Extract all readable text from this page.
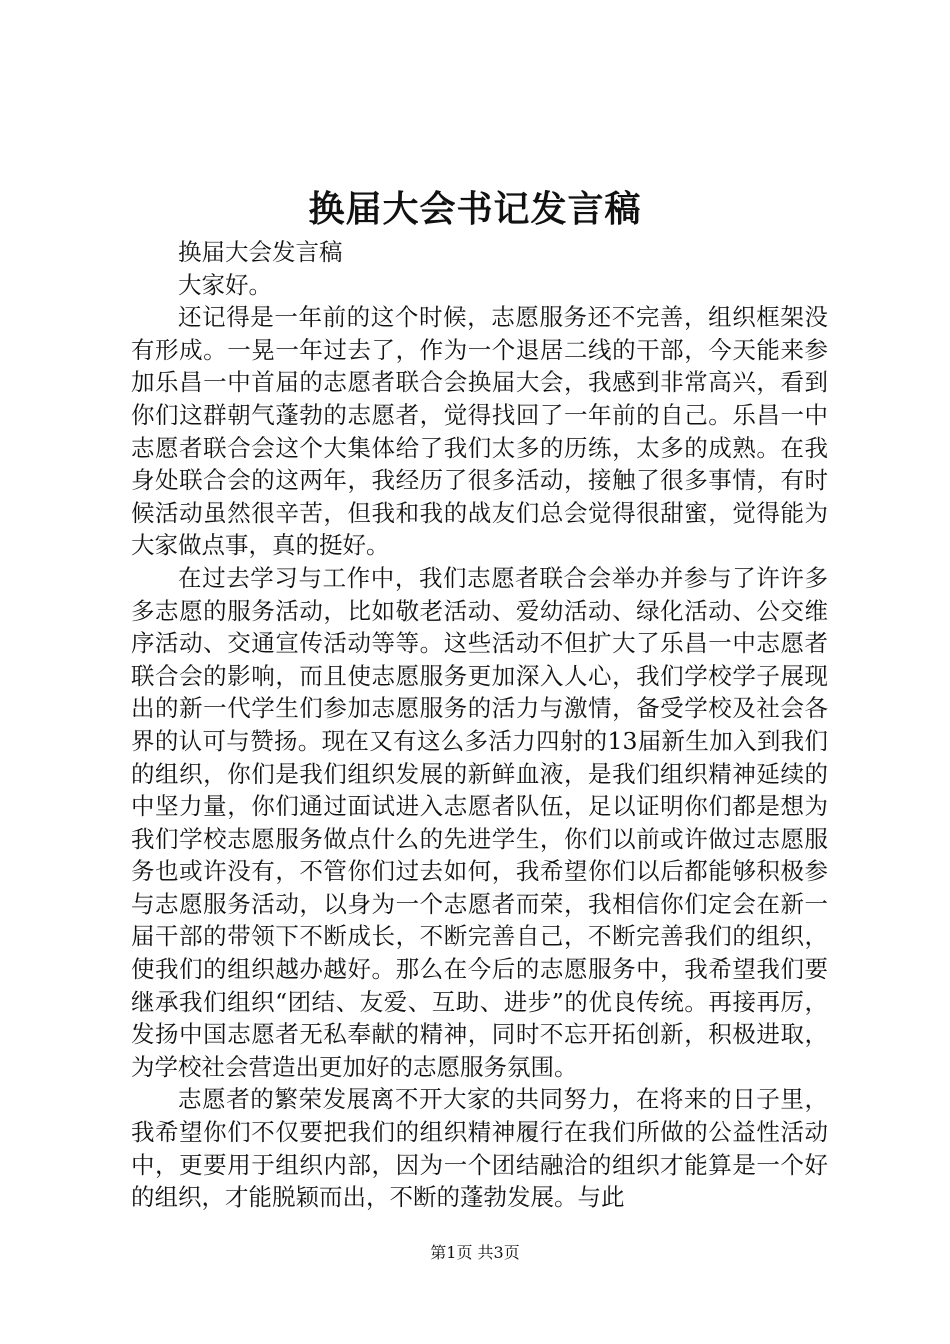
换届大会书记发言稿

换届大会发言稿

大家好。

还记得是一年前的这个时候，志愿服务还不完善，组织框架没有形成。一晃一年过去了，作为一个退居二线的干部，今天能来参加乐昌一中首届的志愿者联合会换届大会，我感到非常高兴，看到你们这群朝气蓬勃的志愿者，觉得找回了一年前的自己。乐昌一中志愿者联合会这个大集体给了我们太多的历练，太多的成熟。在我身处联合会的这两年，我经历了很多活动，接触了很多事情，有时候活动虽然很辛苦，但我和我的战友们总会觉得很甜蜜，觉得能为大家做点事，真的挺好。

在过去学习与工作中，我们志愿者联合会举办并参与了许许多多志愿的服务活动，比如敬老活动、爱幼活动、绿化活动、公交维序活动、交通宣传活动等等。这些活动不但扩大了乐昌一中志愿者联合会的影响，而且使志愿服务更加深入人心，我们学校学子展现出的新一代学生们参加志愿服务的活力与激情，备受学校及社会各界的认可与赞扬。现在又有这么多活力四射的13届新生加入到我们的组织，你们是我们组织发展的新鲜血液，是我们组织精神延续的中坚力量，你们通过面试进入志愿者队伍，足以证明你们都是想为我们学校志愿服务做点什么的先进学生，你们以前或许做过志愿服务也或许没有，不管你们过去如何，我希望你们以后都能够积极参与志愿服务活动，以身为一个志愿者而荣，我相信你们定会在新一届干部的带领下不断成长，不断完善自己，不断完善我们的组织，使我们的组织越办越好。那么在今后的志愿服务中，我希望我们要继承我们组织“团结、友爱、互助、进步”的优良传统。再接再厉，发扬中国志愿者无私奉献的精神，同时不忘开拓创新，积极进取，为学校社会营造出更加好的志愿服务氛围。

志愿者的繁荣发展离不开大家的共同努力，在将来的日子里，我希望你们不仅要把我们的组织精神履行在我们所做的公益性活动中，更要用于组织内部，因为一个团结融洽的组织才能算是一个好的组织，才能脱颖而出，不断的蓬勃发展。与此

第1页 共3页
